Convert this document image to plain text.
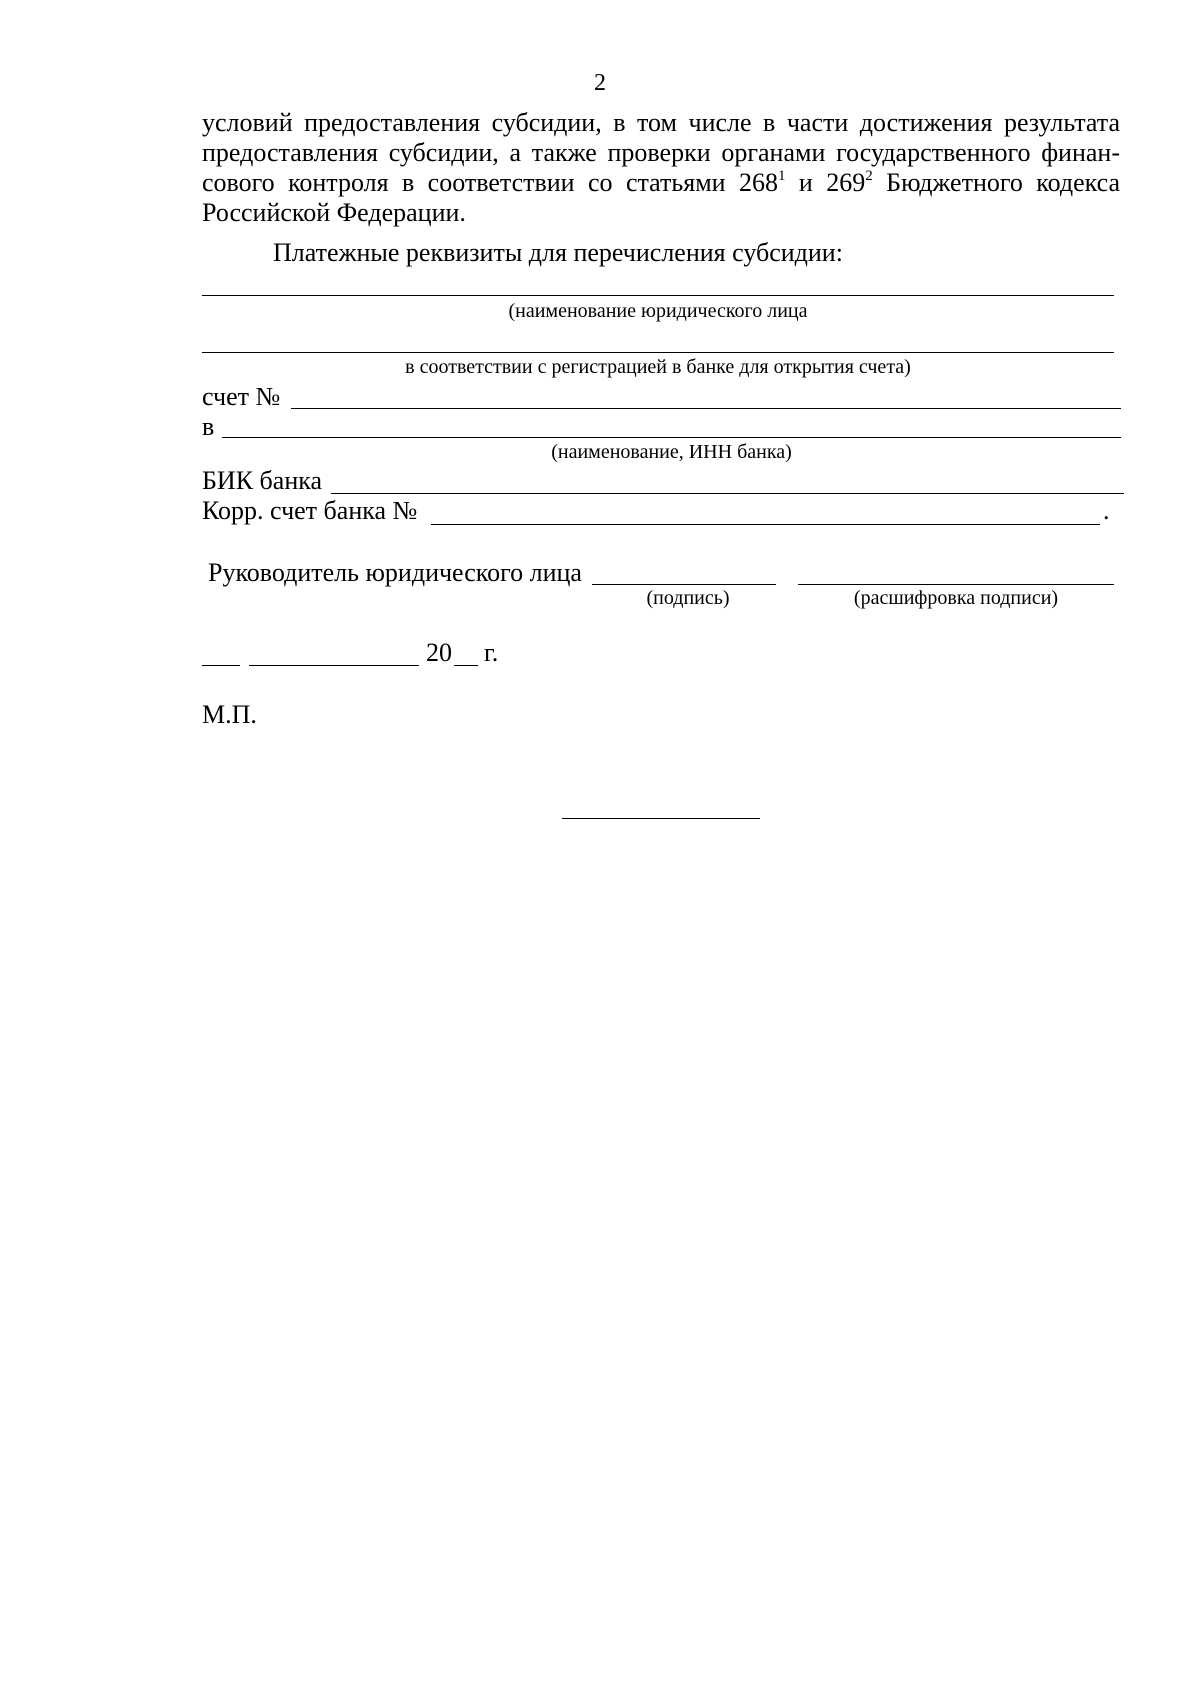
2
условий предоставления субсидии, в том числе в части достижения результата
предоставления субсидии, а также проверки органами государственного финан-
сового контроля в соответствии со статьями $268^1$ и $269^2$ Бюджетного кодекса
Российской Федерации.
Платежные реквизиты для перечисления субсидии:
(наименование юридического лица
в соответствии с регистрацией в банке для открытия счета)
счет №
в
(наименование, ИНН банка)
БИК банка
Корр. счет банка №	.
Руководитель юридического лица
(подпись)	(расшифровка подписи)
20 г.
М.П.
